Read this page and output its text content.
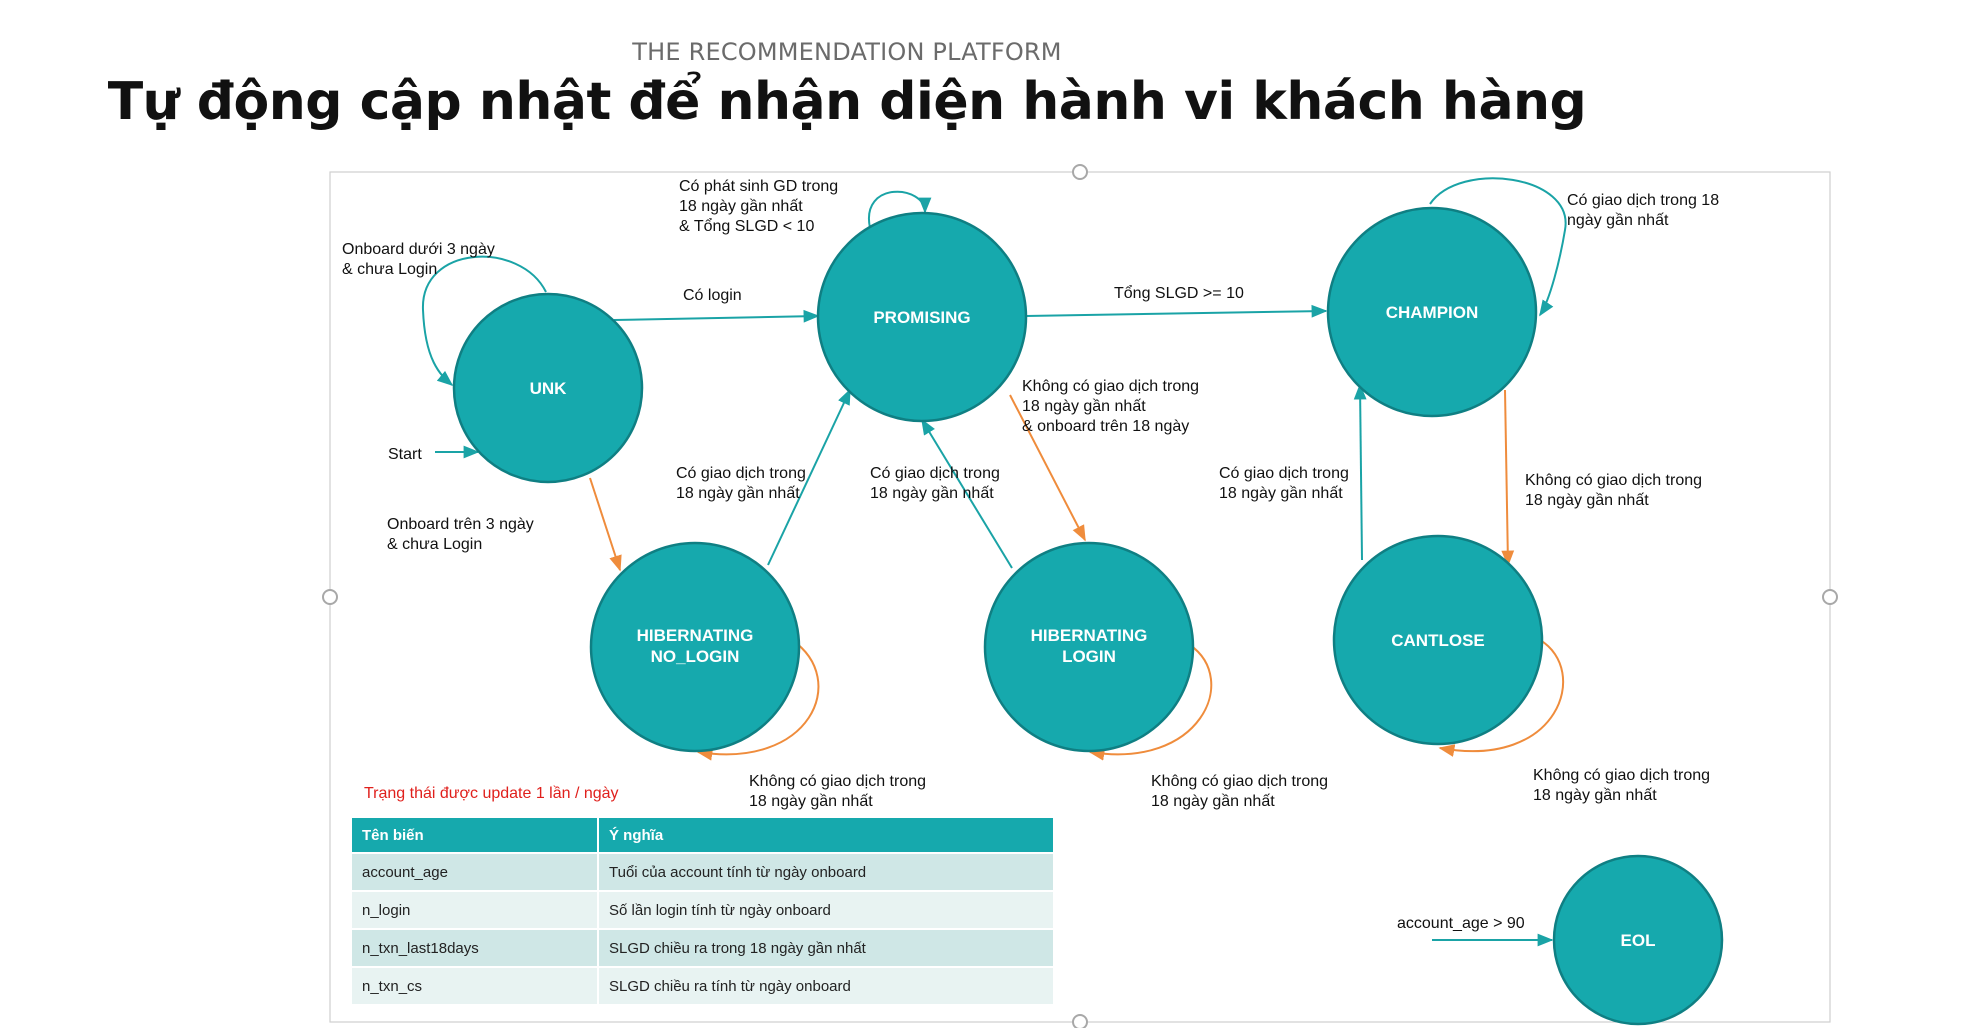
THE RECOMMENDATION PLATFORM
Tự động cập nhật để nhận diện hành vi khách hàng
UNK
PROMISING	CHAMPION
HIBERNATING
NO_LOGIN
HIBERNATING
LOGIN
CANTLOSE
EOL
Start
Onboard dưới 3 ngày
& chưa Login
Có login
Onboard trên 3 ngày
& chưa Login
Có phát sinh GD trong
18 ngày gần nhất
& Tổng SLGD < 10
Tổng SLGD >= 10
Không có giao dịch trong
18 ngày gần nhất
& onboard trên 18 ngày
Có giao dịch trong
18 ngày gần nhất
Có giao dịch trong
18 ngày gần nhất
Không có giao dịch trong
18 ngày gần nhất
Không có giao dịch trong
18 ngày gần nhất
Có giao dịch trong 18
ngày gần nhất
Không có giao dịch trong
18 ngày gần nhất
Có giao dịch trong
18 ngày gần nhất
Không có giao dịch trong
18 ngày gần nhất
account_age > 90
Trạng thái được update 1 lần / ngày
Tên biến	Ý nghĩa
account_age	Tuổi của account tính từ ngày onboard
n_login	Số lần login tính từ ngày onboard
n_txn_last18days	SLGD chiều ra trong 18 ngày gần nhất
n_txn_cs	SLGD chiều ra tính từ ngày onboard
